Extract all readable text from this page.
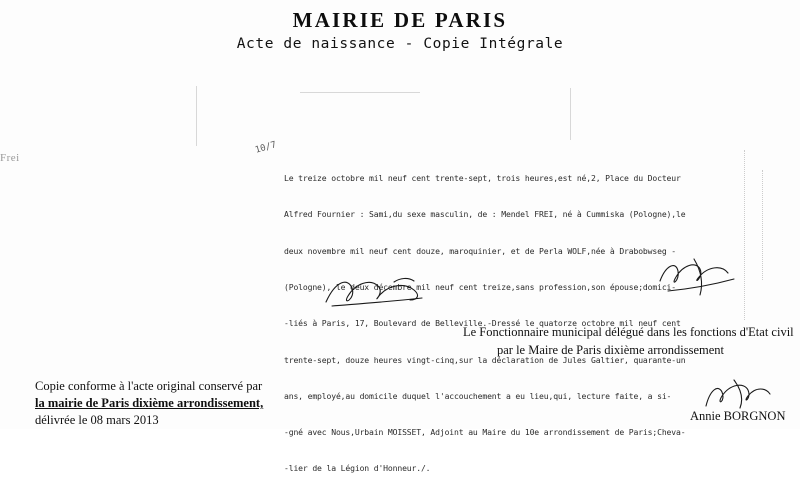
MAIRIE DE PARIS
Acte de naissance - Copie Intégrale
Frei
10/7

Le treize octobre mil neuf cent trente-sept, trois heures,est né,2, Place du Docteur

Alfred Fournier : Sami,du sexe masculin, de : Mendel FREI, né à Cummiska (Pologne),le

deux novembre mil neuf cent douze, maroquinier, et de Perla WOLF,née à Drabobwseg -

(Pologne), le deux décembre mil neuf cent treize,sans profession,son épouse;domici-

-liés à Paris, 17, Boulevard de Belleville.-Dressé le quatorze octobre mil neuf cent

trente-sept, douze heures vingt-cinq,sur la déclaration de Jules Galtier, quarante-un

ans, employé,au domicile duquel l'accouchement a eu lieu,qui, lecture faite, a si-

-gné avec Nous,Urbain MOISSET, Adjoint au Maire du 10e arrondissement de Paris;Cheva-

-lier de la Légion d'Honneur./.

Le Fonctionnaire municipal délégué dans les fonctions d'Etat civil
par le Maire de Paris dixième arrondissement
Copie conforme à l'acte original conservé par
la mairie de Paris dixième arrondissement,
délivrée le 08 mars 2013	Annie BORGNON
